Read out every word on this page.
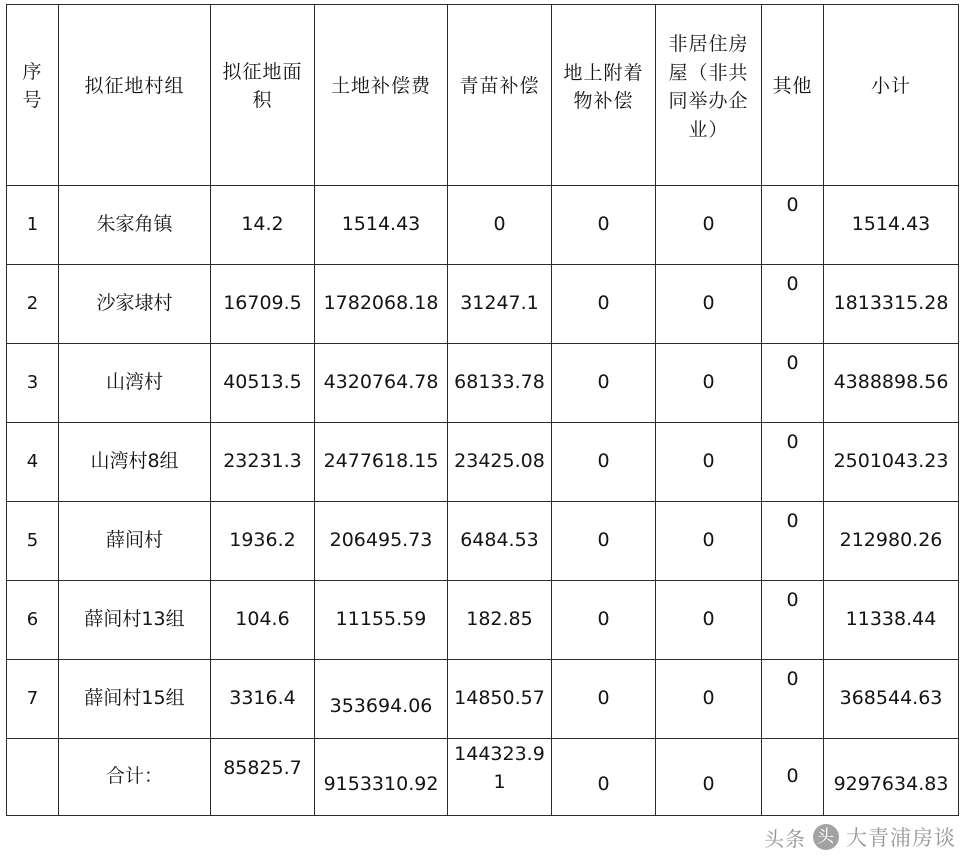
序号	拟征地村组	拟征地面积	土地补偿费	青苗补偿	地上附着物补偿	非居住房屋（非共同举办企业）	其他	小计

1	朱家角镇	14.2	1514.43	0	0	0	0	1514.43
2	沙家埭村	16709.5	1782068.18	31247.1	0	0	0	1813315.28
3	山湾村	40513.5	4320764.78	68133.78	0	0	0	4388898.56
4	山湾村8组	23231.3	2477618.15	23425.08	0	0	0	2501043.23
5	薛间村	1936.2	206495.73	6484.53	0	0	0	212980.26
6	薛间村13组	104.6	11155.59	182.85	0	0	0	11338.44
7	薛间村15组	3316.4	353694.06	14850.57	0	0	0	368544.63
	合计：	85825.7	9153310.92	144323.91	0	0	0	9297634.83
头条 头 大青浦房谈
